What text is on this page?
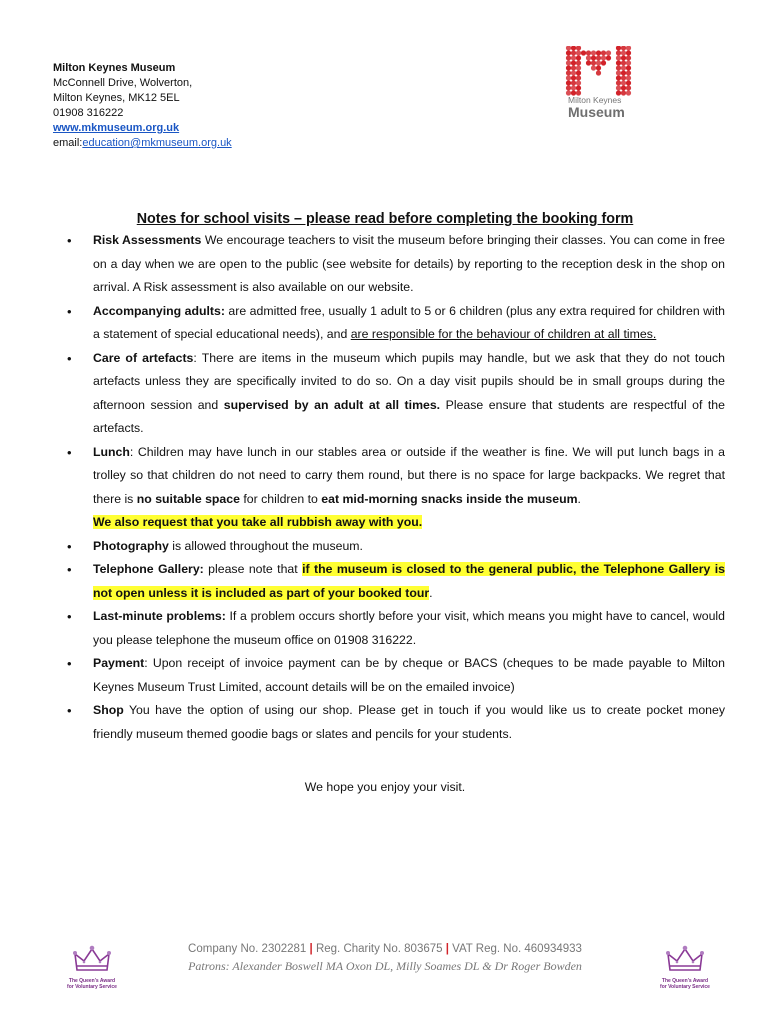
Milton Keynes Museum
McConnell Drive, Wolverton,
Milton Keynes, MK12 5EL
01908 316222
www.mkmuseum.org.uk
email:education@mkmuseum.org.uk
Milton Keynes
Museum
Notes for school visits – please read before completing the booking form
• Risk Assessments We encourage teachers to visit the museum before bringing their classes. You can come in free on a day when we are open to the public (see website for details) by reporting to the reception desk in the shop on arrival. A Risk assessment is also available on our website.
• Accompanying adults: are admitted free, usually 1 adult to 5 or 6 children (plus any extra required for children with a statement of special educational needs), and are responsible for the behaviour of children at all times.
• Care of artefacts: There are items in the museum which pupils may handle, but we ask that they do not touch artefacts unless they are specifically invited to do so. On a day visit pupils should be in small groups during the afternoon session and supervised by an adult at all times. Please ensure that students are respectful of the artefacts.
• Lunch: Children may have lunch in our stables area or outside if the weather is fine. We will put lunch bags in a trolley so that children do not need to carry them round, but there is no space for large backpacks. We regret that there is no suitable space for children to eat mid-morning snacks inside the museum.
We also request that you take all rubbish away with you.
• Photography is allowed throughout the museum.
• Telephone Gallery: please note that if the museum is closed to the general public, the Telephone Gallery is not open unless it is included as part of your booked tour.
• Last-minute problems: If a problem occurs shortly before your visit, which means you might have to cancel, would you please telephone the museum office on 01908 316222.
• Payment: Upon receipt of invoice payment can be by cheque or BACS (cheques to be made payable to Milton Keynes Museum Trust Limited, account details will be on the emailed invoice)
• Shop You have the option of using our shop. Please get in touch if you would like us to create pocket money friendly museum themed goodie bags or slates and pencils for your students.
We hope you enjoy your visit.
Company No. 2302281 | Reg. Charity No. 803675 | VAT Reg. No. 460934933
Patrons: Alexander Boswell MA Oxon DL, Milly Soames DL & Dr Roger Bowden
The Queen's Award
for Voluntary Service
The Queen's Award
for Voluntary Service
